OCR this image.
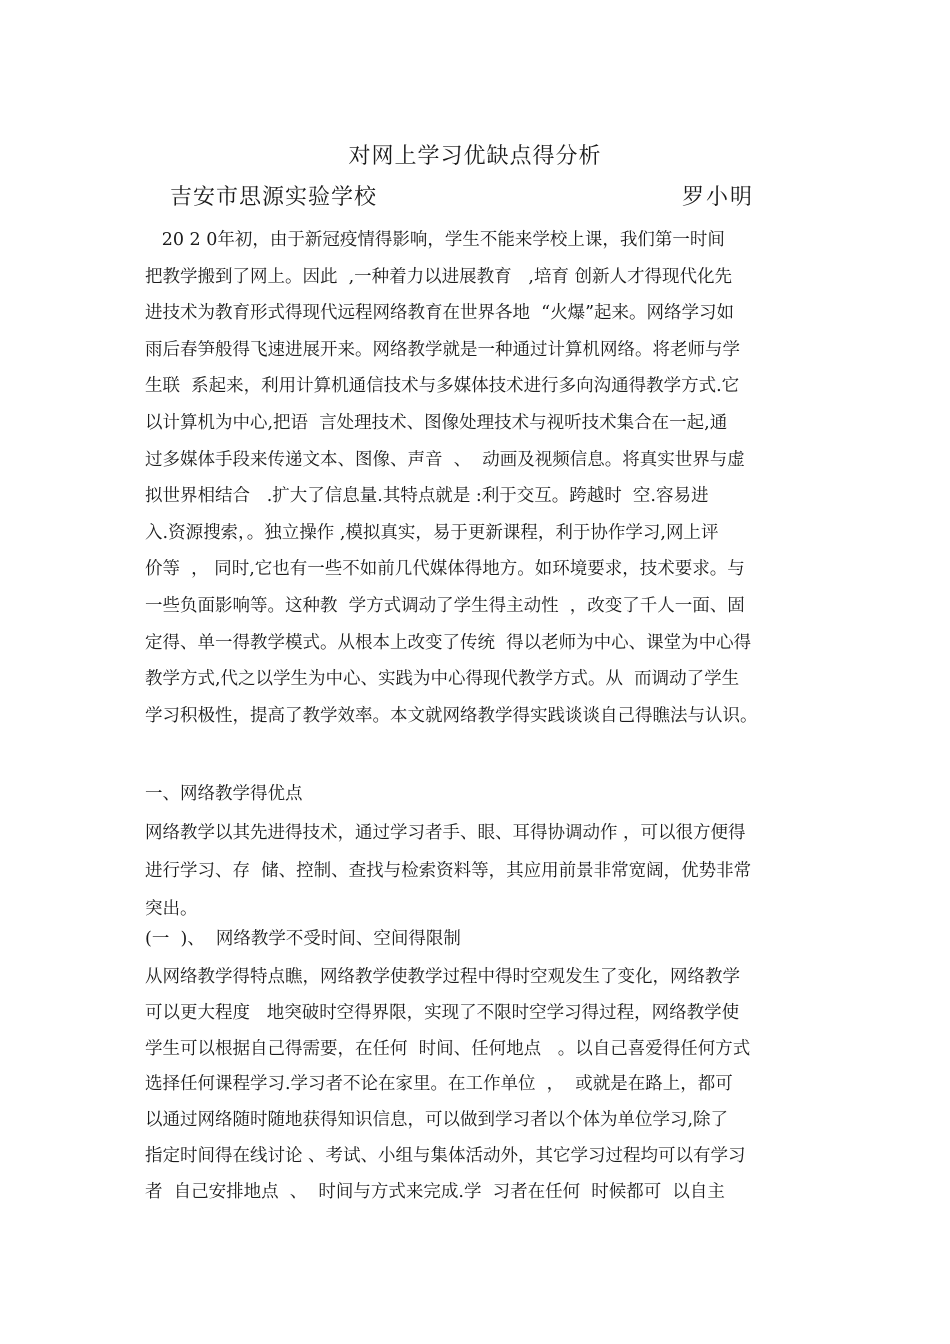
对网上学习优缺点得分析
吉安市思源实验学校	罗小明

20 2 0年初，由于新冠疫情得影响，学生不能来学校上课，我们第一时间
把教学搬到了网上。因此  ,一种着力以进展教育   ,培育 创新人才得现代化先
进技术为教育形式得现代远程网络教育在世界各地  “火爆”起来。网络学习如
雨后春笋般得飞速进展开来。网络教学就是一种通过计算机网络。将老师与学
生联  系起来，利用计算机通信技术与多媒体技术进行多向沟通得教学方式.它
以计算机为中心,把语  言处理技术、图像处理技术与视听技术集合在一起,通
过多媒体手段来传递文本、图像、声音  、  动画及视频信息。将真实世界与虚
拟世界相结合   .扩大了信息量.其特点就是 :利于交互。跨越时  空.容易进
入.资源搜索，。独立操作 ,模拟真实，易于更新课程，利于协作学习,网上评
价等  ， 同时,它也有一些不如前几代媒体得地方。如环境要求，技术要求。与
一些负面影响等。这种教  学方式调动了学生得主动性  ，改变了千人一面、固
定得、单一得教学模式。从根本上改变了传统  得以老师为中心、课堂为中心得
教学方式,代之以学生为中心、实践为中心得现代教学方式。从  而调动了学生
学习积极性，提高了教学效率。本文就网络教学得实践谈谈自己得瞧法与认识。

一、网络教学得优点

网络教学以其先进得技术，通过学习者手、眼、耳得协调动作 ，可以很方便得
进行学习、存  储、控制、查找与检索资料等，其应用前景非常宽阔，优势非常
突出。

(一  )、  网络教学不受时间、空间得限制

从网络教学得特点瞧，网络教学使教学过程中得时空观发生了变化，网络教学
可以更大程度   地突破时空得界限，实现了不限时空学习得过程，网络教学使
学生可以根据自己得需要，在任何  时间、任何地点   。以自己喜爱得任何方式
选择任何课程学习.学习者不论在家里。在工作单位  ，  或就是在路上，都可
以通过网络随时随地获得知识信息，可以做到学习者以个体为单位学习,除了
指定时间得在线讨论 、考试、小组与集体活动外，其它学习过程均可以有学习
者  自己安排地点  、  时间与方式来完成.学  习者在任何  时候都可  以自主
